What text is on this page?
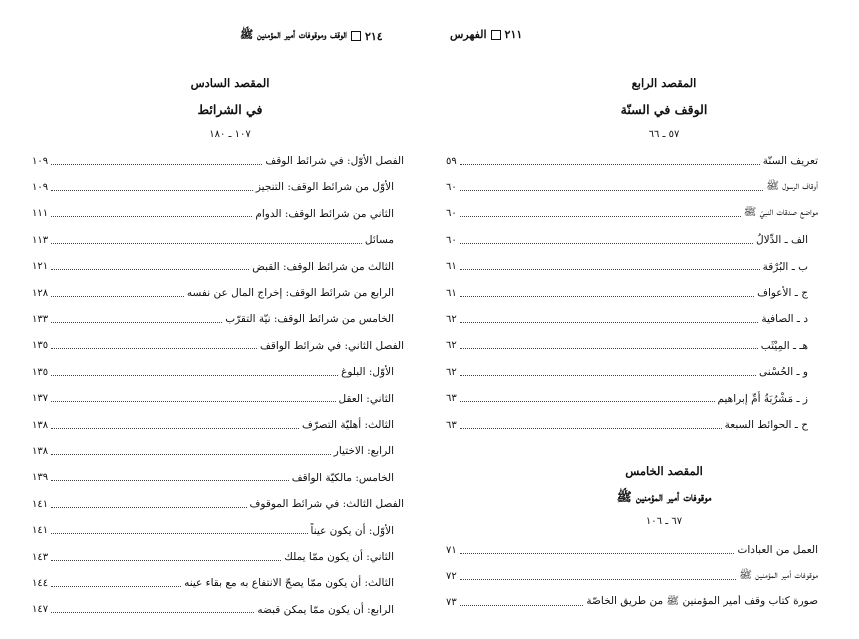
٢١٤
الوقف وموقوفات أمير المؤمنين ﷺ
المقصد السادس
في الشرائط
١٠٧ ـ ١٨٠
الفصل الأوّل: في شرائط الوقف
١٠٩
الأوّل من شرائط الوقف: التنجيز
١٠٩
الثاني من شرائط الوقف: الدوام
١١١
مسائل
١١٣
الثالث من شرائط الوقف: القبض
١٢١
الرابع من شرائط الوقف: إخراج المال عن نفسه
١٢٨
الخامس من شرائط الوقف: نيّة التقرّب
١٣٣
الفصل الثاني: في شرائط الواقف
١٣٥
الأوّل: البلوغ
١٣٥
الثاني: العقل
١٣٧
الثالث: أهليّة التصرّف
١٣٨
الرابع: الاختيار
١٣٨
الخامس: مالكيّة الواقف
١٣٩
الفصل الثالث: في شرائط الموقوف
١٤١
الأوّل: أن يكون عيناً
١٤١
الثاني: أن يكون ممّا يملك
١٤٣
الثالث: أن يكون ممّا يصحّ الانتفاع به مع بقاء عينه
١٤٤
الرابع: أن يكون ممّا يمكن قبضه
١٤٧
٢١١
الفهرس
المقصد الرابع
الوقف في السنّة
٥٧ ـ ٦٦
تعريف السنّة
٥٩
أوقاف الرسول ﷺ
٦٠
مواضع صدقات النبيّ ﷺ
٦٠
الف ـ الدِّلالُ
٦٠
ب ـ البُرْقة
٦١
ج ـ الأعواف
٦١
د ـ الصافية
٦٢
هـ ـ المِيْثَب
٦٢
و ـ الحُسْنى
٦٢
ز ـ مَشْرُبَةُ أُمِّ إبراهيم
٦٣
ح ـ الحوائط السبعة
٦٣
المقصد الخامس
موقوفات أمير المؤمنين ﷺ
٦٧ ـ ١٠٦
العمل من العبادات
٧١
موقوفات أمير المؤمنين ﷺ
٧٢
صورة كتاب وقف أمير المؤمنين ﷺ من طريق الخاصّة
٧٣
